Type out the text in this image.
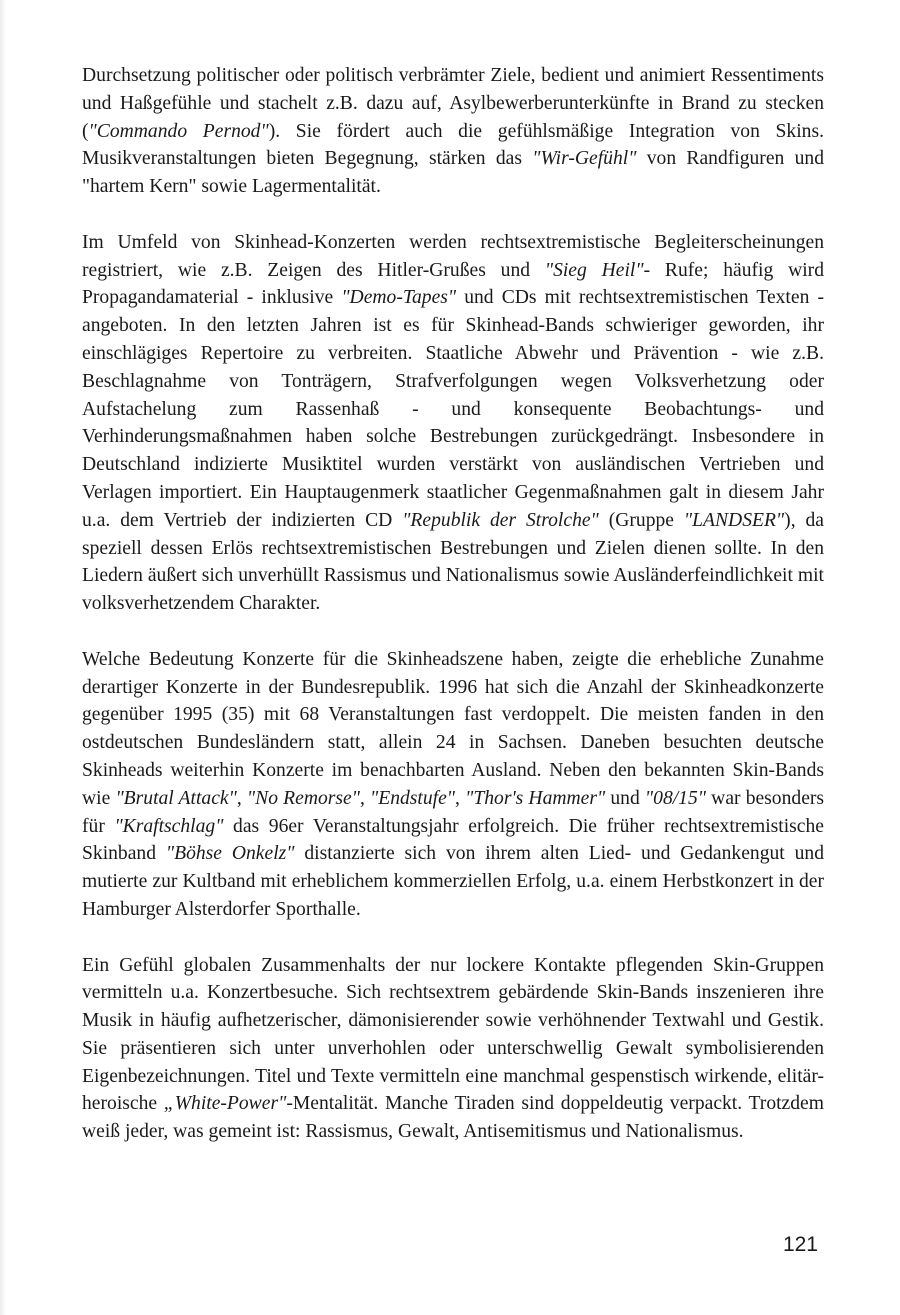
Durchsetzung politischer oder politisch verbrämter Ziele, bedient und animiert Ressentiments und Haßgefühle und stachelt z.B. dazu auf, Asylbewerberunterkünfte in Brand zu stecken ("Commando Pernod"). Sie fördert auch die gefühlsmäßige Integration von Skins. Musikveranstaltungen bieten Begegnung, stärken das "Wir-Gefühl" von Randfiguren und "hartem Kern" sowie Lagermentalität.

Im Umfeld von Skinhead-Konzerten werden rechtsextremistische Begleiterscheinungen registriert, wie z.B. Zeigen des Hitler-Grußes und "Sieg Heil"- Rufe; häufig wird Propagandamaterial - inklusive "Demo-Tapes" und CDs mit rechtsextremistischen Texten - angeboten. In den letzten Jahren ist es für Skinhead-Bands schwieriger geworden, ihr einschlägiges Repertoire zu verbreiten. Staatliche Abwehr und Prävention - wie z.B. Beschlagnahme von Tonträgern, Strafverfolgungen wegen Volksverhetzung oder Aufstachelung zum Rassenhaß - und konsequente Beobachtungs- und Verhinderungsmaßnahmen haben solche Bestrebungen zurückgedrängt. Insbesondere in Deutschland indizierte Musiktitel wurden verstärkt von ausländischen Vertrieben und Verlagen importiert. Ein Hauptaugenmerk staatlicher Gegenmaßnahmen galt in diesem Jahr u.a. dem Vertrieb der indizierten CD "Republik der Strolche" (Gruppe "LANDSER"), da speziell dessen Erlös rechtsextremistischen Bestrebungen und Zielen dienen sollte. In den Liedern äußert sich unverhüllt Rassismus und Nationalismus sowie Ausländerfeindlichkeit mit volksverhetzendem Charakter.

Welche Bedeutung Konzerte für die Skinheadszene haben, zeigte die erhebliche Zunahme derartiger Konzerte in der Bundesrepublik. 1996 hat sich die Anzahl der Skinheadkonzerte gegenüber 1995 (35) mit 68 Veranstaltungen fast verdoppelt. Die meisten fanden in den ostdeutschen Bundesländern statt, allein 24 in Sachsen. Daneben besuchten deutsche Skinheads weiterhin Konzerte im benachbarten Ausland. Neben den bekannten Skin-Bands wie "Brutal Attack", "No Remorse", "Endstufe", "Thor's Hammer" und "08/15" war besonders für "Kraftschlag" das 96er Veranstaltungsjahr erfolgreich. Die früher rechtsextremistische Skinband "Böhse Onkelz" distanzierte sich von ihrem alten Lied- und Gedankengut und mutierte zur Kultband mit erheblichem kommerziellen Erfolg, u.a. einem Herbstkonzert in der Hamburger Alsterdorfer Sporthalle.

Ein Gefühl globalen Zusammenhalts der nur lockere Kontakte pflegenden Skin-Gruppen vermitteln u.a. Konzertbesuche. Sich rechtsextrem gebärdende Skin-Bands inszenieren ihre Musik in häufig aufhetzerischer, dämonisierender sowie verhöhnender Textwahl und Gestik. Sie präsentieren sich unter unverhohlen oder unterschwellig Gewalt symbolisierenden Eigenbezeichnungen. Titel und Texte vermitteln eine manchmal gespenstisch wirkende, elitär-heroische „White-Power"-Mentalität. Manche Tiraden sind doppeldeutig verpackt. Trotzdem weiß jeder, was gemeint ist: Rassismus, Gewalt, Antisemitismus und Nationalismus.

121
